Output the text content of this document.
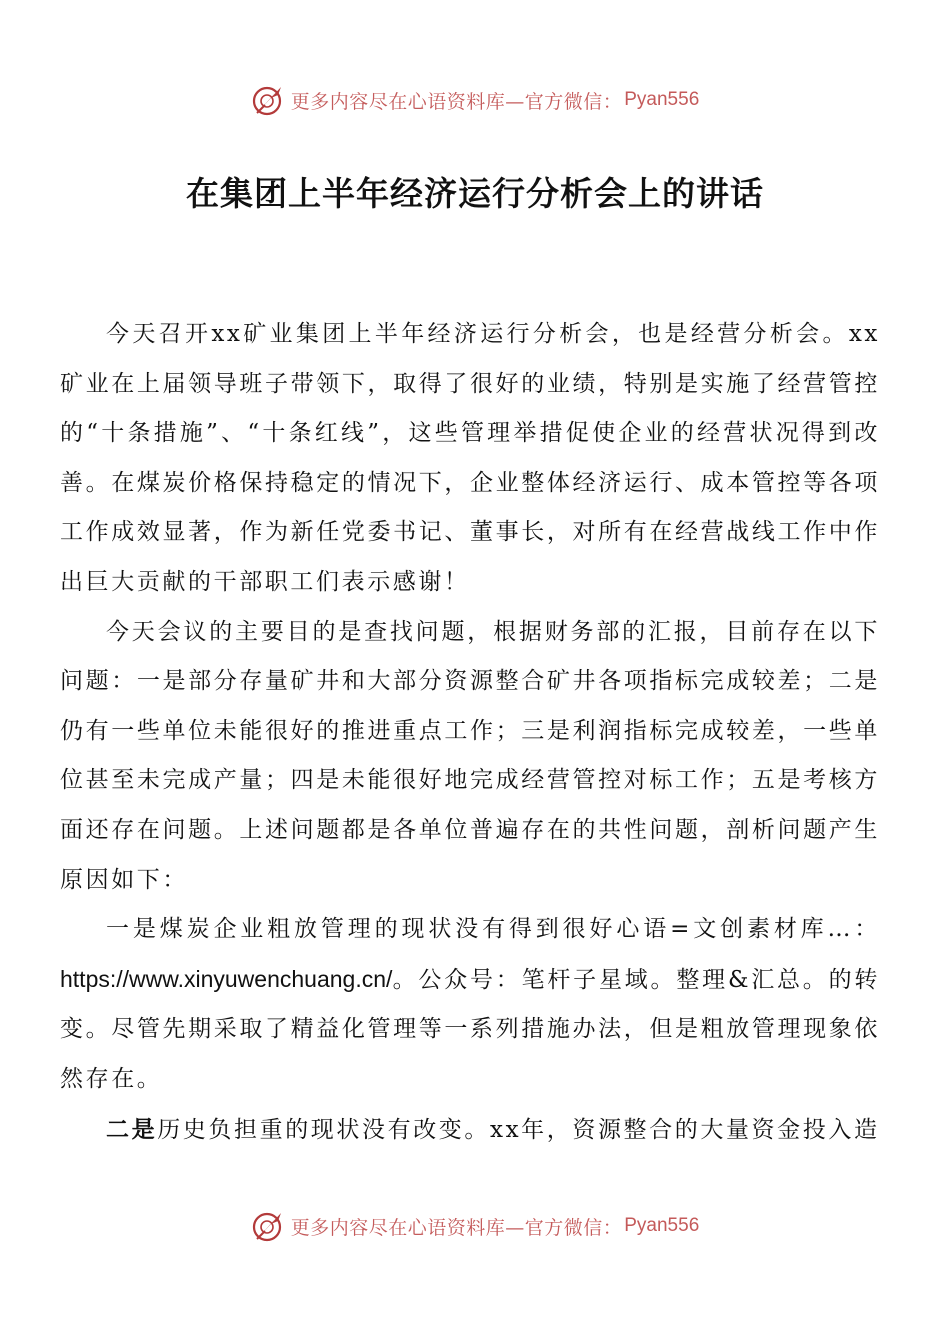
更多内容尽在心语资料库—官方微信： Pyan556
在集团上半年经济运行分析会上的讲话

今天召开xx矿业集团上半年经济运行分析会，也是经营分析会。xx矿业在上届领导班子带领下，取得了很好的业绩，特别是实施了经营管控的“十条措施”、“十条红线”，这些管理举措促使企业的经营状况得到改善。在煤炭价格保持稳定的情况下，企业整体经济运行、成本管控等各项工作成效显著，作为新任党委书记、董事长，对所有在经营战线工作中作出巨大贡献的干部职工们表示感谢！

今天会议的主要目的是查找问题，根据财务部的汇报，目前存在以下问题：一是部分存量矿井和大部分资源整合矿井各项指标完成较差；二是仍有一些单位未能很好的推进重点工作；三是利润指标完成较差，一些单位甚至未完成产量；四是未能很好地完成经营管控对标工作；五是考核方面还存在问题。上述问题都是各单位普遍存在的共性问题，剖析问题产生原因如下：

一是煤炭企业粗放管理的现状没有得到很好心语=文创素材库…：https://www.xinyuwenchuang.cn/。公众号：笔杆子星域。整理&汇总。的转变。尽管先期采取了精益化管理等一系列措施办法，但是粗放管理现象依然存在。

二是历史负担重的现状没有改变。xx年，资源整合的大量资金投入造

更多内容尽在心语资料库—官方微信： Pyan556
